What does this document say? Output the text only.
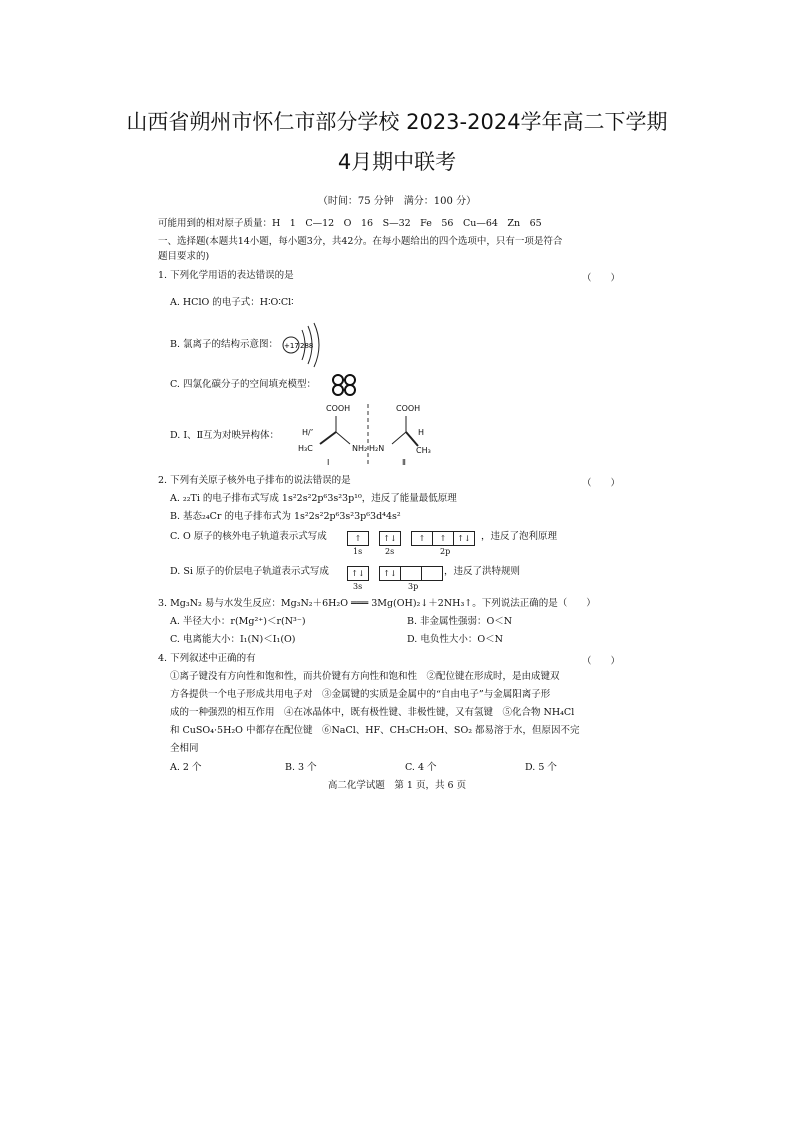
山西省朔州市怀仁市部分学校 2023-2024学年高二下学期
4月期中联考
（时间：75 分钟　满分：100 分）
可能用到的相对原子质量：H　1　C—12　O　16　S—32　Fe　56　Cu—64　Zn　65
一、选择题(本题共14小题，每小题3分，共42分。在每小题给出的四个选项中，只有一项是符合
题目要求的)
1. 下列化学用语的表达错误的是	（　　）
A. HClO 的电子式：H∶O∶Cl∶
B. 氯离子的结构示意图： +17 288
C. 四氯化碳分子的空间填充模型：
D. Ⅰ、Ⅱ互为对映异构体：
COOH
H/’
NH₂
H₃C
Ⅰ
COOH
H
H₂N	CH₃
Ⅱ
2. 下列有关原子核外电子排布的说法错误的是	（　　）
A. ₂₂Ti 的电子排布式写成 1s²2s²2p⁶3s²3p¹⁰，违反了能量最低原理
B. 基态₂₄Cr 的电子排布式为 1s²2s²2p⁶3s²3p⁶3d⁴4s²
C. O 原子的核外电子轨道表示式写成	↑	↑↓	↑ ↑ ↑↓	，违反了泡利原理
1s	2s	2p
D. Si 原子的价层电子轨道表示式写成	↑↓	↑↓	，违反了洪特规则
3s	3p
3. Mg₃N₂ 易与水发生反应：Mg₃N₂＋6H₂O ═══ 3Mg(OH)₂↓＋2NH₃↑。下列说法正确的是（　　）
A. 半径大小：r(Mg²⁺)＜r(N³⁻)	B. 非金属性强弱：O＜N
C. 电离能大小：I₁(N)＜I₁(O)	D. 电负性大小：O＜N
4. 下列叙述中正确的有	（　　）
①离子键没有方向性和饱和性，而共价键有方向性和饱和性　②配位键在形成时，是由成键双
方各提供一个电子形成共用电子对　③金属键的实质是金属中的“自由电子”与金属阳离子形
成的一种强烈的相互作用　④在冰晶体中，既有极性键、非极性键，又有氢键　⑤化合物 NH₄Cl
和 CuSO₄·5H₂O 中都存在配位键　⑥NaCl、HF、CH₃CH₂OH、SO₂ 都易溶于水，但原因不完
全相同
A. 2 个	B. 3 个	C. 4 个	D. 5 个
高二化学试题　第 1 页，共 6 页
